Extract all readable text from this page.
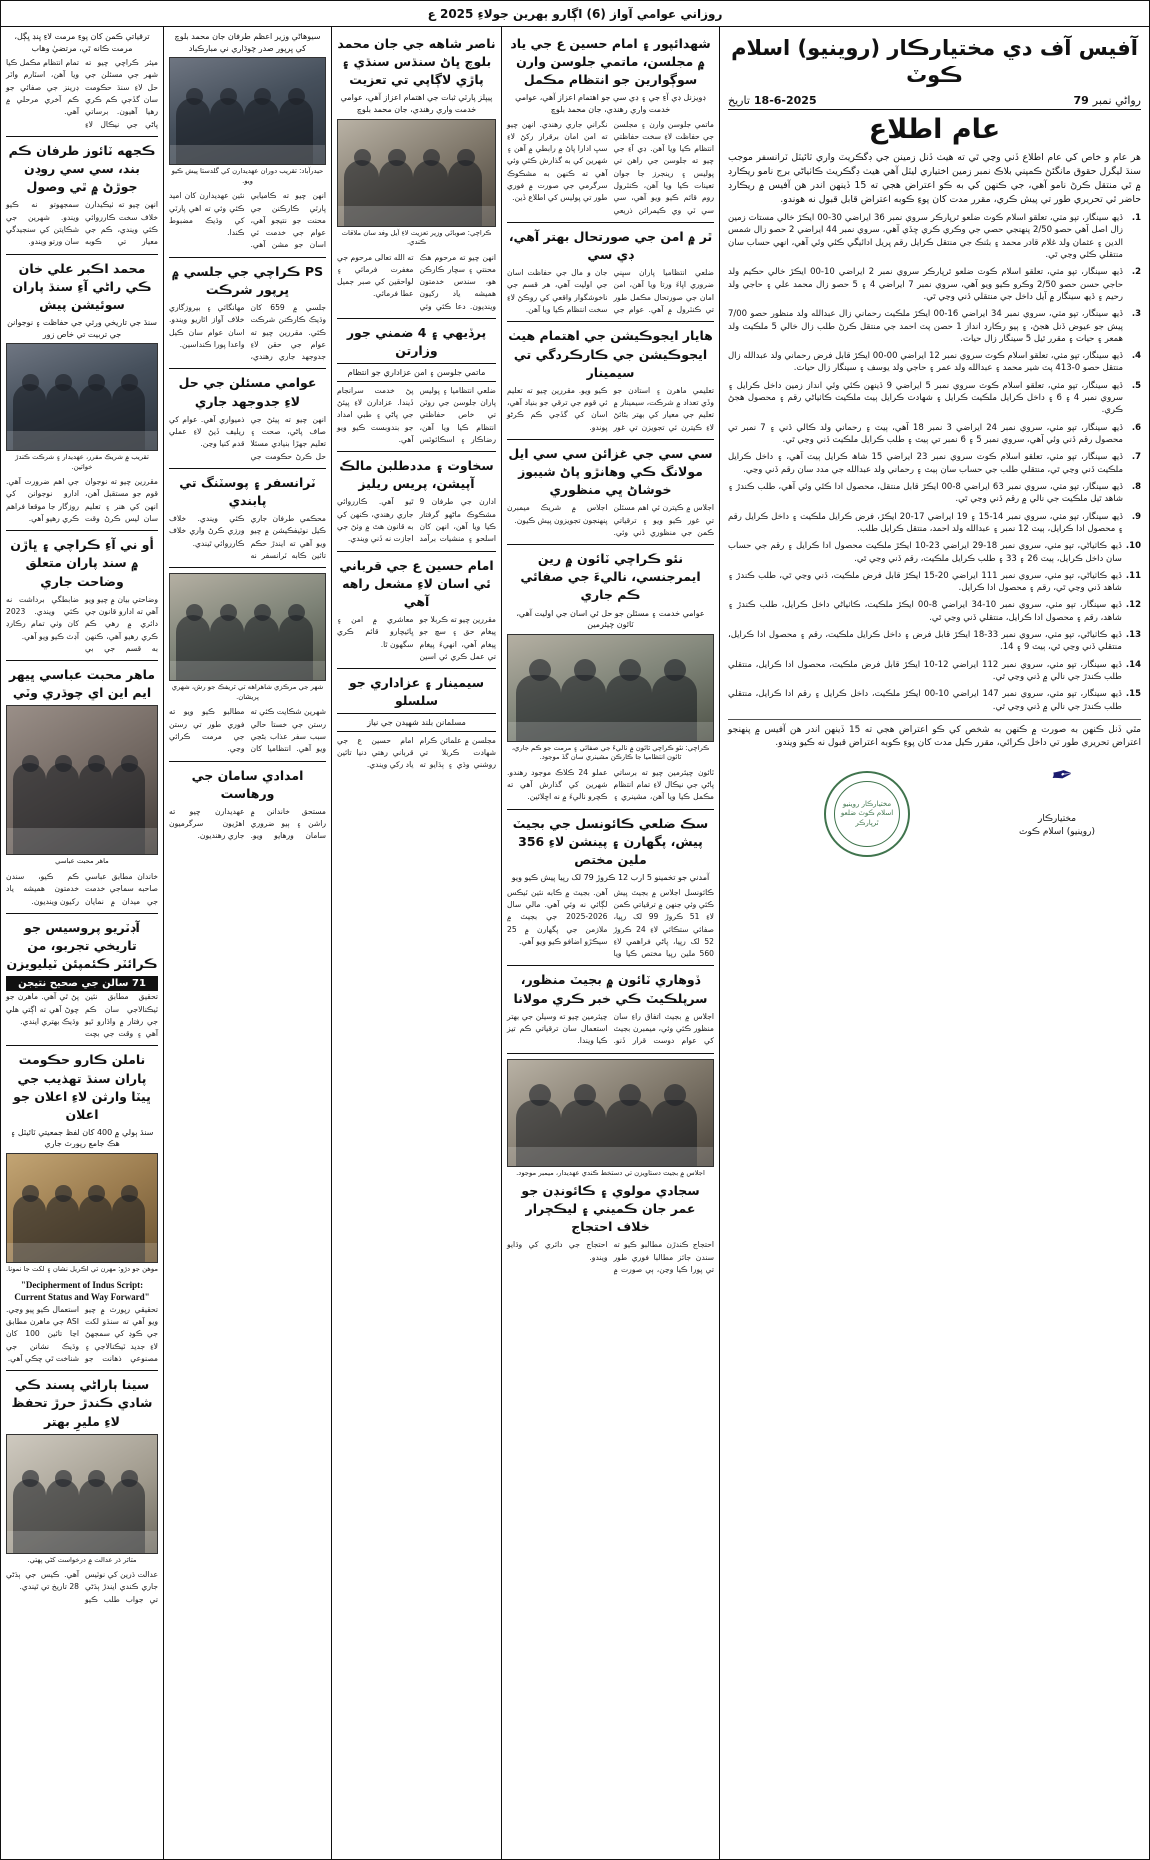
روزاني عوامي آواز (6) اڳارو ٻهرين جولاءِ 2025 ع
آفيس آف دي مختيارڪار (روينيو) اسلام ڪوٽ
رواڻي نمبر
79
18-6-2025
تاريخ
عام اطلاع
هر عام و خاص کي عام اطلاع ڏني وڃي ٿي ته هيٺ ڏنل زمينن جي ڊگڪريٽ واري ٽائيٽل ٽرانسفر موجب سنڌ ليگرل حقوق مانگئڻ ڪمپني بلاڪ نمبر زمين اختياري ليٽل آهي هيٺ ڊگڪريٽ ڪاٺياڻي برج نامو ريڪارڊ ۾ ٿي منتقل ڪرڻ نامو آهي، جي ڪنهن کي به ڪو اعتراض هجي ته 15 ڏينهن اندر هن آفيس ۾ ريڪارڊ حاضر ٿي تحريري طور تي پيش ڪري، مقرر مدت کان پوءِ ڪوبه اعتراض قابل قبول نه هوندو.
1.
ڏيھ سينگار، تپو مٺي، تعلقو اسلام ڪوٽ ضلعو ٿرپارڪر سروي نمبر 36 ايراضي 30-00 ايڪڙ خالي مستات زمين زال اصل آهي حصو 2/50 پنهنجي حصي جي وڪري ڪري ڇڏي آهي، سروي نمبر 44 ايراضي 2 حصو زال شمس الدين ۽ عثمان ولد غلام قادر محمد ۽ بئنڪ جي منتقل ڪرايل رقم ڀريل ادائيگي ڪئي وئي آهي، انهي حساب سان منتقلي ڪئي وڃي ٿي.
2.
ڏيھ سينگار، تپو مٺي، تعلقو اسلام ڪوٽ ضلعو ٿرپارڪر سروي نمبر 2 ايراضي 10-00 ايڪڙ خالي حڪيم ولد حاجي حسن حصو 2/50 وڪرو ڪيو ويو آهي، سروي نمبر 7 ايراضي 4 ۽ 5 حصو زال محمد علي ۽ حاجي ولد رحيم ۽ ڏيھ سينگار ۾ آيل داخل جي منتقلي ڏني وڃي ٿي.
3.
ڏيھ سينگار، تپو مٺي، سروي نمبر 34 ايراضي 16-00 ايڪڙ ملڪيت رحماني زال عبدالله ولد منظور حصو 7/00 پيش جو عيوض ڏنل هجڻ، ۽ ٻيو رڪارڊ انداز 1 حصن پٽ احمد جي منتقل ڪرڻ طلب زال خالي 5 ملڪيت ولد همعر ۽ حيات ۽ مقرر ٿيل 5 سينگار زال حيات.
4.
ڏيھ سينگار، تپو مٺي، تعلقو اسلام ڪوٽ سروي نمبر 12 ايراضي 00-00 ايڪڙ قابل فرض رحماني ولد عبدالله زال منتقل حصو 0-413 پٽ شير محمد ۽ عبدالله ولد عمر ۽ حاجي ولد يوسف ۽ سينگار زال حيات.
5.
ڏيھ سينگار، تپو مٺي، تعلقو اسلام ڪوٽ سروي نمبر 5 ايراضي 9 ڏينهن ڪئي وئي انداز زمين داخل ڪرايل ۽ سروي نمبر 4 ۽ 6 ۽ داخل ڪرايل ملڪيت ڪرايل ۽ شهادت ڪرايل ٻيٽ ملڪيت ڪاٺياڻي رقم ۽ محصول هجڻ ڪري.
6.
ڏيھ سينگار، تپو مٺي، سروي نمبر 24 ايراضي 3 نمبر 18 آهي، ٻيٽ ۽ رحماني ولد ڪالي ڏني ۽ 7 نمبر تي محصول رقم ڏني وئي آهي، سروي نمبر 5 ۽ 6 نمبر تي ٻيٽ ۽ طلب ڪرايل ملڪيت ڏني وڃي ٿي.
7.
ڏيھ سينگار، تپو مٺي، تعلقو اسلام ڪوٽ سروي نمبر 23 ايراضي 15 شاھ ڪرايل ٻيٽ آهي، ۽ داخل ڪرايل ملڪيت ڏني وڃي ٿي، منتقلي طلب جي حساب سان ٻيٽ ۽ رحماني ولد عبدالله جي مدد سان رقم ڏني وڃي.
8.
ڏيھ سينگار، تپو مٺي، سروي نمبر 63 ايراضي 8-00 ايڪڙ قابل منتقل، محصول ادا ڪئي وئي آهي، طلب ڪندڙ ۽ شاهد ٿيل ملڪيت جي نالي ۾ رقم ڏني وڃي ٿي.
9.
ڏيھ سينگار، تپو مٺي، سروي نمبر 14-15 ۽ 19 ايراضي 17-20 ايڪڙ، فرض ڪرايل ملڪيت ۽ داخل ڪرايل رقم ۽ محصول ادا ڪرايل، ٻيٽ 12 نمبر ۽ عبدالله ولد احمد، منتقل ڪرايل طلب.
10.
ڏيھ ڪاٺياڻي، تپو مٺي، سروي نمبر 18-29 ايراضي 23-10 ايڪڙ ملڪيت محصول ادا ڪرايل ۽ رقم جي حساب سان داخل ڪرايل، ٻيٽ 26 ۽ 33 ۽ طلب ڪرايل ملڪيت، رقم ڏني وڃي ٿي.
11.
ڏيھ ڪاٺياڻي، تپو مٺي، سروي نمبر 111 ايراضي 20-15 ايڪڙ قابل فرض ملڪيت، ڏني وڃي ٿي، طلب ڪندڙ ۽ شاهد ڏني وڃي ٿي، رقم ۽ محصول ادا ڪرايل.
12.
ڏيھ سينگار، تپو مٺي، سروي نمبر 10-34 ايراضي 8-00 ايڪڙ ملڪيت، ڪاٺياڻي داخل ڪرايل، طلب ڪندڙ ۽ شاهد، رقم ۽ محصول ادا ڪرايل، منتقلي ڏني وڃي ٿي.
13.
ڏيھ ڪاٺياڻي، تپو مٺي، سروي نمبر 33-18 ايڪڙ قابل فرض ۽ داخل ڪرايل ملڪيت، رقم ۽ محصول ادا ڪرايل، منتقلي ڏني وڃي ٿي، ٻيٽ 9 ۽ 14.
14.
ڏيھ سينگار، تپو مٺي، سروي نمبر 112 ايراضي 12-10 ايڪڙ قابل فرض ملڪيت، محصول ادا ڪرايل، منتقلي طلب ڪندڙ جي نالي ۾ ڏني وڃي ٿي.
15.
ڏيھ سينگار، تپو مٺي، سروي نمبر 147 ايراضي 10-00 ايڪڙ ملڪيت، داخل ڪرايل ۽ رقم ادا ڪرايل، منتقلي طلب ڪندڙ جي نالي ۾ ڏني وڃي ٿي.
مٿي ڏنل ڪنهن به صورت ۾ ڪنهن به شخص کي ڪو اعتراض هجي ته 15 ڏينهن اندر هن آفيس ۾ پنهنجو اعتراض تحريري طور تي داخل ڪرائي، مقرر ڪيل مدت کان پوءِ ڪوبه اعتراض قبول نه ڪيو ويندو.
✒︎
مختيارڪار
(روينيو) اسلام ڪوٽ
مختيارڪار روينيو اسلام ڪوٽ ضلعو ٿرپارڪر
شهدائپور ۽ امام حسين ع جي ياد ۾ مجلسن، ماتمي جلوسن وارن سوڳوارين جو انتظام مڪمل
ڊويزنل ڊي آءِ جي ۽ ڊي سي جو اهتمام اعزاز آهي، عوامي خدمت واري رهندي، جان محمد بلوچ

ماتمي جلوسن وارن ۽ مجلسن جي حفاظت لاءِ سخت حفاظتي انتظام ڪيا ويا آهن. ڊي آءِ جي چيو ته جلوسن جي راهن تي پوليس ۽ رينجرز جا جوان تعينات ڪيا ويا آهن، ڪنٽرول روم قائم ڪيو ويو آهي، سي سي ٽي وي ڪيمرائن ذريعي نگراني جاري رهندي. انهن چيو ته امن امان برقرار رکڻ لاءِ سڀ ادارا پاڻ ۾ رابطي ۾ آهن ۽ شهرين کي به گذارش ڪئي وئي آهي ته ڪنهن به مشڪوڪ سرگرمي جي صورت ۾ فوري طور تي پوليس کي اطلاع ڏين.

ٿر ۾ امن جي صورتحال بهتر آهي، ڊي سي

ضلعي انتظاميا پاران سڀني ضروري اپاءَ ورتا ويا آهن، امن امان جي صورتحال مڪمل طور تي ڪنٽرول ۾ آهي. عوام جي جان و مال جي حفاظت اسان جي اوليت آهي، هر قسم جي ناخوشگوار واقعي کي روڪڻ لاءِ سخت انتظام ڪيا ويا آهن.

هايار ايجوڪيشن جي اهتمام هيٺ ايجوڪيشن جي ڪارڪردگي تي سيمينار

تعليمي ماهرن ۽ استادن جو وڏي تعداد ۾ شرڪت، سيمينار ۾ تعليم جي معيار کي بهتر بڻائڻ لاءِ ڪيترن ئي تجويزن تي غور ڪيو ويو. مقررين چيو ته تعليم ئي قوم جي ترقي جو بنياد آهي، اسان کي گڏجي ڪم ڪرڻو پوندو.

سي سي جي غزائن سي سي ايل مولانگ ڪي وهانڙو پاڻ شيبوز خوشاڻ ڀي منظوري

اجلاس ۾ ڪيترن ئي اهم مسئلن تي غور ڪيو ويو ۽ ترقياتي ڪمن جي منظوري ڏني وئي. اجلاس ۾ شريڪ ميمبرن پنهنجون تجويزون پيش ڪيون.

نئو ڪراچي ٽائون ۾ رين ايمرجنسي، ناليءَ جي صفائي ڪم جاري
عوامي خدمت ۽ مسئلن جو حل ئي اسان جي اوليت آهي، ٽائون چيئرمين
ڪراچي: نئو ڪراچي ٽائون ۾ ناليءَ جي صفائي ۽ مرمت جو ڪم جاري، ٽائون انتظاميا جا ڪارڪن مشينري سان گڏ موجود.

ٽائون چيئرمين چيو ته برساتي پاڻي جي نيڪال لاءِ تمام انتظام مڪمل ڪيا ويا آهن، مشينري ۽ عملو 24 ڪلاڪ موجود رهندو. شهرين کي گذارش آهي ته ڪچرو ناليءَ ۾ نه اڇلائين.

سڪ ضلعي ڪائونسل جي بجيٽ پيش، پگهارن ۽ پينشن لاءِ 356 ملين مختص
آمدني جو تخمينو 5 ارب 12 ڪروڙ 79 لک رپيا پيش ڪيو ويو

ڪائونسل اجلاس ۾ بجيٽ پيش ڪئي وئي جنهن ۾ ترقياتي ڪمن لاءِ 51 ڪروڙ 99 لک رپيا، صفائي ستڪائي لاءِ 24 ڪروڙ 52 لک رپيا، پاڻي فراهمي لاءِ 560 ملين رپيا مختص ڪيا ويا آهن. بجيٽ ۾ ڪابه نئين ٽيڪس لڳائي نه وئي آهي. مالي سال 2026-2025 جي بجيٽ ۾ ملازمن جي پگهارن ۾ 25 سيڪڙو اضافو ڪيو ويو آهي.

ڏوهاري ٽائون ۾ بجيٽ منظور، سرپلڪيٽ ڪي خبر ڪري مولانا

اجلاس ۾ بجيٽ اتفاق راءِ سان منظور ڪئي وئي، ميمبرن بجيٽ کي عوام دوست قرار ڏنو. چيئرمين چيو ته وسيلن جي بهتر استعمال سان ترقياتي ڪم تيز ڪيا ويندا.

اجلاس ۾ بجيٽ دستاويزن تي دستخط ڪندي عهديدار، ميمبر موجود.
سجادي مولوي ۽ ڪائونڊن جو عمر جان ڪميني ۽ ليڪچرار خلاف احتجاج

احتجاج ڪندڙن مطالبو ڪيو ته سندن جائز مطالبا فوري طور تي پورا ڪيا وڃن، ٻي صورت ۾ احتجاج جي دائري کي وڌايو ويندو.

ناصر شاهه جي جان محمد بلوچ ڀاڻ سنڌس سنڌي ۽ پاڙي لاڳاپي تي تعزيت
پيپلز پارٽي ثبات جي اهتمام اعزاز آهي، عوامي خدمت واري رهندي، جان محمد بلوچ
ڪراچي: صوبائي وزير تعزيت لاءِ آيل وفد سان ملاقات ڪندي.

انهن چيو ته مرحوم هڪ محنتي ۽ سچار ڪارڪن هو، سندس خدمتون هميشه ياد رکيون وينديون. دعا ڪئي وئي ته الله تعالى مرحوم جي مغفرت فرمائي ۽ لواحقين کي صبر جميل عطا فرمائي.

پرڏيهي ۽ 4 ضمني جور وزارتن
ماتمي جلوسن ۽ امن عزاداري جو انتظام

ضلعي انتظاميا ۽ پوليس پاران جلوسن جي روٽن تي خاص حفاظتي انتظام ڪيا ويا آهن، رضاڪار ۽ اسڪائوٽس پڻ خدمت سرانجام ڏيندا. عزادارن لاءِ پيئڻ جي پاڻي ۽ طبي امداد جو بندوبست ڪيو ويو آهي.

سخاوت ۽ مددطلبن مالڪ آپيشن، پريس ريليز

ادارن جي طرفان 9 مشڪوڪ ماڻهو گرفتار ڪيا ويا آهن، انهن کان اسلحو ۽ منشيات برآمد ٿيو آهي. ڪارروائي جاري رهندي، ڪنهن کي به قانون هٿ ۾ وٺڻ جي اجازت نه ڏني ويندي.

امام حسين ع جي قرباني ئي اسان لاءِ مشعل راهه آهي

مقررين چيو ته ڪربلا جو پيغام حق ۽ سچ جو پيغام آهي، انهيءَ پيغام تي عمل ڪري ئي اسين معاشري ۾ امن ۽ ڀائيچارو قائم ڪري سگهون ٿا.

سيمينار ۽ عزاداري جو سلسلو
مسلمانن بلند شهيدن جي نياز

مجلسن ۾ علمائن ڪرام شهادت ڪربلا تي روشني وڌي ۽ ٻڌايو ته امام حسين ع جي قرباني رهتي دنيا تائين ياد رکي ويندي.

سيوهاڻي وزير اعظم طرفان جان محمد بلوچ کي ڀرپور صدر چوڌاري ني مبارڪباد
حيدرآباد: تقريب دوران عهديدارن کي گلدستا پيش ڪيو ويو.

انهن چيو ته ڪاميابي پارٽي ڪارڪنن جي محنت جو نتيجو آهي، عوام جي خدمت ئي اسان جو مشن آهي. نئين عهديدارن کان اميد ڪئي وئي ته اهي پارٽي کي وڌيڪ مضبوط ڪندا.

PS ڪراچي جي جلسي ۾ ڀرپور شرڪت

جلسي ۾ 659 کان وڌيڪ ڪارڪنن شرڪت ڪئي. مقررين چيو ته عوام جي حقن لاءِ جدوجهد جاري رهندي، مهانگائي ۽ بيروزگاري خلاف آواز اٿاريو ويندو. اسان عوام سان ڪيل واعدا پورا ڪنداسين.

عوامي مسئلن جي حل لاءِ جدوجهد جاري

انهن چيو ته پيئڻ جي صاف پاڻي، صحت ۽ تعليم جهڙا بنيادي مسئلا حل ڪرڻ حڪومت جي ذميواري آهي. عوام کي ريليف ڏيڻ لاءِ عملي قدم کنيا وڃن.

ٽرانسفر ۽ پوسٽنگ تي پابندي

محڪمي طرفان جاري ڪيل نوٽيفڪيشن ۾ چيو ويو آهي ته ايندڙ حڪم تائين ڪابه ٽرانسفر نه ڪئي ويندي. خلاف ورزي ڪرڻ واري خلاف ڪارروائي ٿيندي.

شهر جي مرڪزي شاهراهه تي ٽريفڪ جو رش، شهري پريشان.

شهرين شڪايت ڪئي ته رستن جي خستا حالي سبب سفر عذاب بڻجي ويو آهي. انتظاميا کان مطالبو ڪيو ويو ته فوري طور تي رستن جي مرمت ڪرائي وڃي.

امدادي سامان جي ورهاست

مستحق خاندانن ۾ راشن ۽ ٻيو ضروري سامان ورهايو ويو. عهديدارن چيو ته اهڙيون سرگرميون جاري رهنديون.

ترقياتي ڪمن کان پوءِ مرمت لاءِ ڀنڊ ڀڳل، مرمت ڪانه ٿي، مرتضيٰ وهاب

ميئر ڪراچي چيو ته شهر جي مسئلن جي حل لاءِ سنڌ حڪومت سان گڏجي ڪم ڪري رهيا آهيون. برساتي پاڻي جي نيڪال لاءِ تمام انتظام مڪمل ڪيا ويا آهن، اسٽارم واٽر ڊرينز جي صفائي جو ڪم آخري مرحلي ۾ آهي.

ڪجهه ٽائوز طرفان ڪم بند، سي سي روڊن جوڙڻ ۾ ٿي وصول

انهن چيو ته ٺيڪيدارن خلاف سخت ڪارروائي ڪئي ويندي، ڪم جي معيار تي ڪوبه سمجهوتو نه ڪيو ويندو. شهرين جي شڪايتن کي سنجيدگي سان ورتو ويندو.

محمد اڪبر علي خان ڪي راڻي آءِ سنڌ پاران سوئيشن پيش
سنڌ جي تاريخي ورثي جي حفاظت ۽ نوجوانن جي تربيت تي خاص زور
تقريب ۾ شريڪ مقرر، عهديدار ۽ شرڪت ڪندڙ خواتين.

مقررين چيو ته نوجوان قوم جو مستقبل آهن، انهن کي هنر ۽ تعليم سان ليس ڪرڻ وقت جي اهم ضرورت آهي. ادارو نوجوانن کي روزگار جا موقعا فراهم ڪري رهيو آهي.

أو ني آءِ ڪراچي ۽ ڀاڙن ۾ سند پاران متعلق وضاحت جاري

وضاحتي بيان ۾ چيو ويو آهي ته ادارو قانون جي دائري ۾ رهي ڪم ڪري رهيو آهي، ڪنهن به قسم جي بي ضابطگي برداشت نه ڪئي ويندي. 2023 کان وٺي تمام رڪارڊ آڊٽ ڪيو ويو آهي.

ماهر محبت عباسي ڀيهر ايم اين اي چوڌري وٽي
ماهر محبت عباسي

خاندان مطابق عباسي صاحبه سماجي خدمت جي ميدان ۾ نمايان ڪم ڪيو، سندن خدمتون هميشه ياد رکيون وينديون.

آڊٽريو پروسيس جو تاريخي تجربو، من ڪرائٽر ڪئمپئن ٽيليويزن
71 سالن جي صحيح نتيجن

تحقيق مطابق نئين ٽيڪنالاجي سان ڪم جي رفتار ۾ واڌارو ٿيو آهي ۽ وقت جي بچت پڻ ٿي آهي. ماهرن جو چوڻ آهي ته اڳتي هلي وڌيڪ بهتري ايندي.

ناملن ڪارو حڪومت پاران سنڌ تهذيب جي ڀيٽا وارثن لاءِ اعلان جو اعلان
سنڌ ٻولي ۾ 400 کان لفظ جمعيتي ٽائيٽل ۽ هڪ جامع رپورٽ جاري
موهن جو دڙو: مهرن تي اڪريل نشان ۽ لکت جا نمونا.
"Decipherment of Indus Script: Current Status and Way Forward"

تحقيقي رپورٽ ۾ چيو ويو آهي ته سنڌو لکت جي ڪوڊ کي سمجهڻ لاءِ جديد ٽيڪنالاجي ۽ مصنوعي ذهانت جو استعمال ڪيو پيو وڃي. ASI جي ماهرن مطابق اڃا تائين 100 کان وڌيڪ نشانن جي شناخت ٿي چڪي آهي.

سينا ٻاراڻي پسند ڪي شادي ڪندڙ حرڙ تحفظ لاءِ مليرِ بهتر
متاثر ڌر عدالت ۾ درخواست کڻي پهتي.

عدالت ڌرين کي نوٽيس جاري ڪندي ايندڙ ٻڌڻي تي جواب طلب ڪيو آهي. ڪيس جي ٻڌڻي 28 تاريخ تي ٿيندي.
